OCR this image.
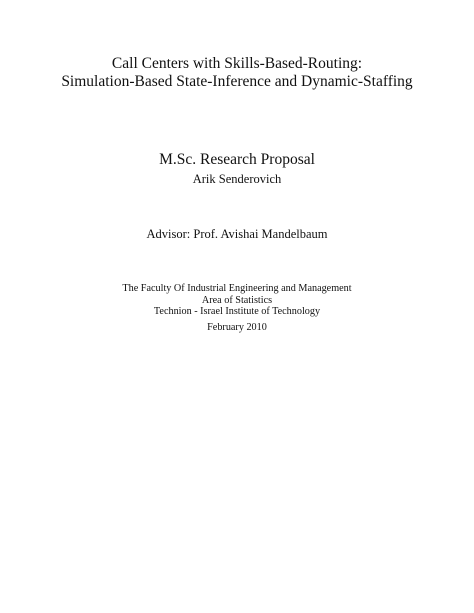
Call Centers with Skills-Based-Routing:
Simulation-Based State-Inference and Dynamic-Staffing
M.Sc. Research Proposal
Arik Senderovich
Advisor: Prof. Avishai Mandelbaum
The Faculty Of Industrial Engineering and Management
Area of Statistics
Technion - Israel Institute of Technology
February 2010
